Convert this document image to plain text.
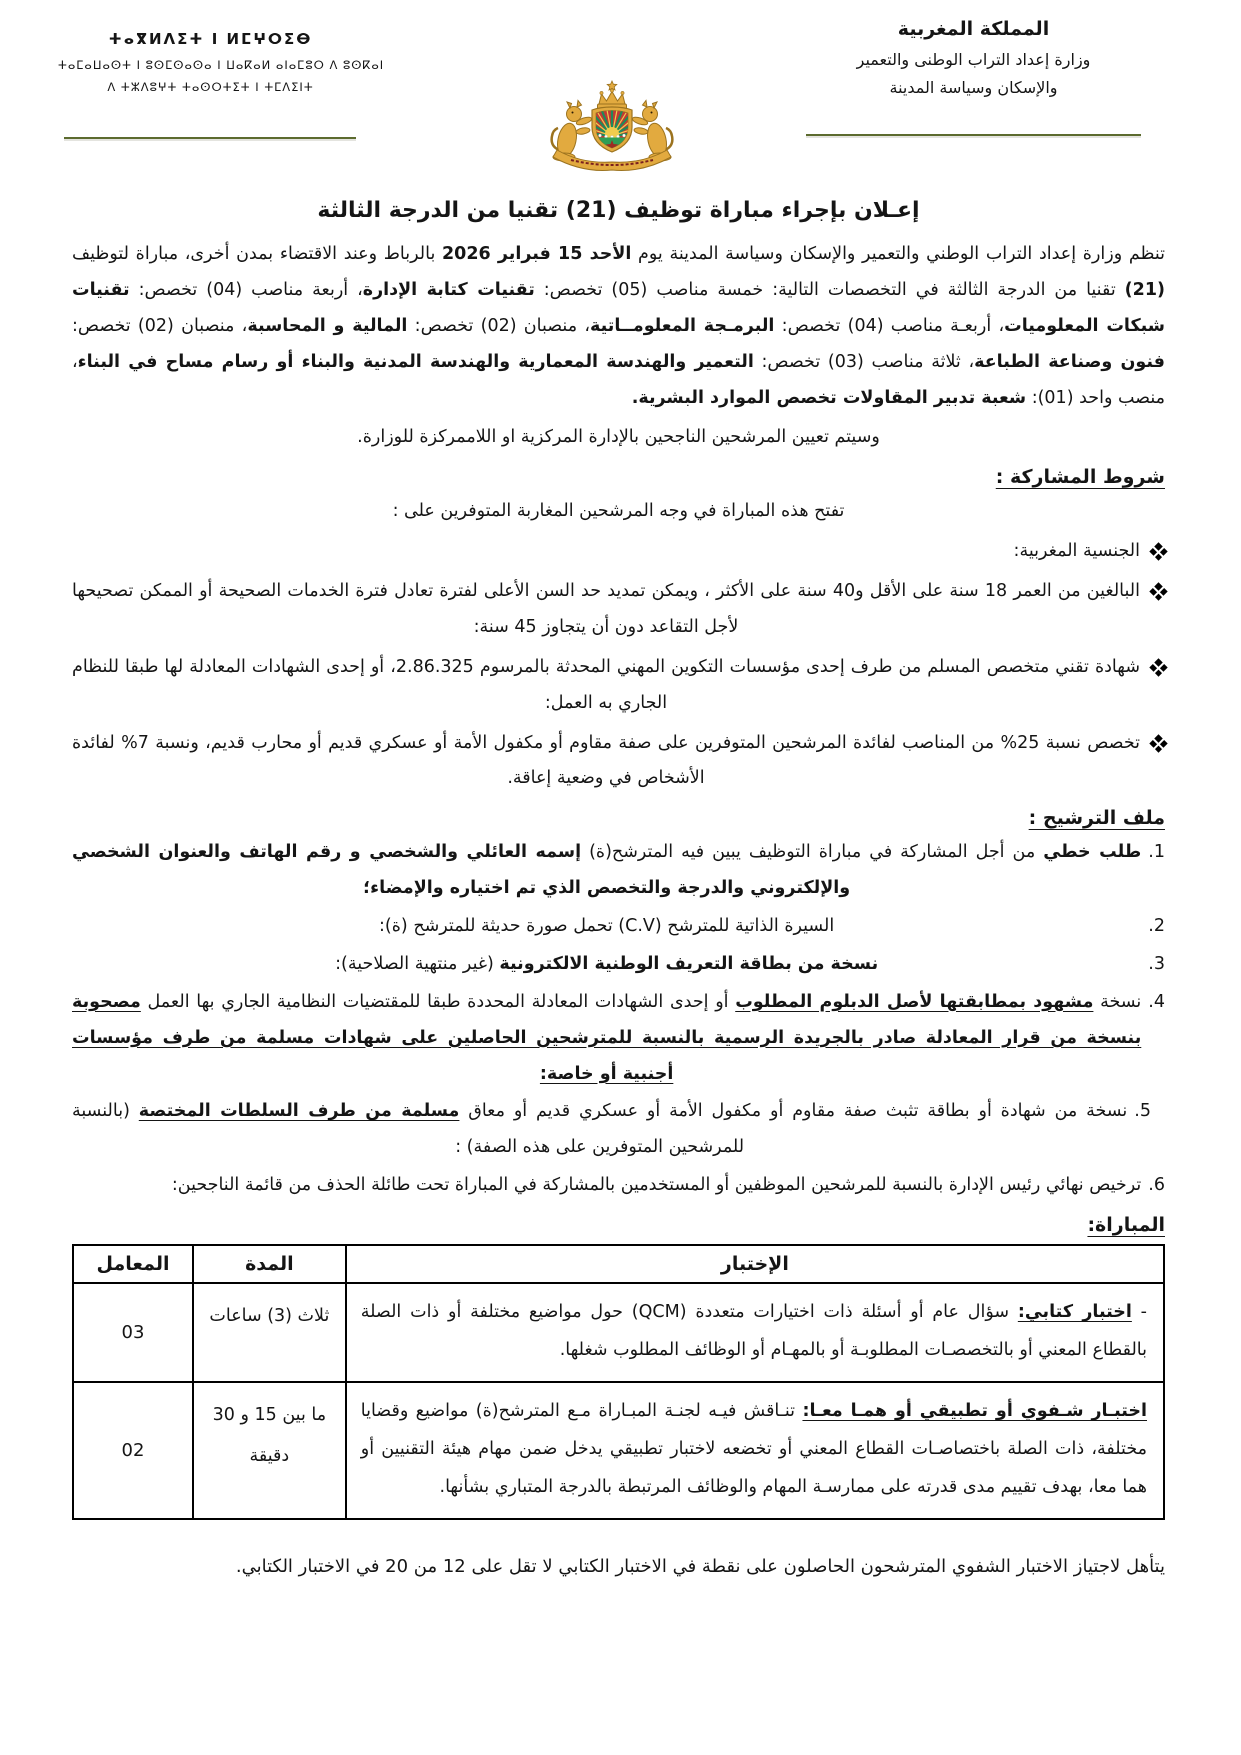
ⵜⴰⴳⵍⴷⵉⵜ ⵏ ⵍⵎⵖⵔⵉⴱ
ⵜⴰⵎⴰⵡⴰⵙⵜ ⵏ ⵓⵙⵎⵙⴰⵙⴰ ⵏ ⵡⴰⴽⴰⵍ ⴰⵏⴰⵎⵓⵔ ⴷ ⵓⵙⴽⴰⵏ
ⴷ ⵜⵣⴷⵓⵖⵜ ⵜⴰⵙⵔⵜⵉⵜ ⵏ ⵜⵎⴷⵉⵏⵜ
المملكة المغربية
وزارة إعداد التراب الوطنى والتعمير
والإسكان وسياسة المدينة
إعـلان بإجراء مباراة توظيف (21) تقنيا من الدرجة الثالثة

تنظم وزارة إعداد التراب الوطني والتعمير والإسكان وسياسة المدينة يوم الأحد 15 فبراير 2026 بالرباط وعند الاقتضاء بمدن أخرى، مباراة لتوظيف (21) تقنيا من الدرجة الثالثة في التخصصات التالية: خمسة مناصب (05) تخصص: تقنيات كتابة الإدارة، أربعة مناصب (04) تخصص: تقنيات شبكات المعلوميات، أربعـة مناصب (04) تخصص: البرمـجة المعلومــاتية، منصبان (02) تخصص: المالية و المحاسبة، منصبان (02) تخصص: فنون وصناعة الطباعة، ثلاثة مناصب (03) تخصص: التعمير والهندسة المعمارية والهندسة المدنية والبناء أو رسام مساح في البناء، منصب واحد (01): شعبة تدبير المقاولات تخصص الموارد البشرية.

وسيتم تعيين المرشحين الناجحين بالإدارة المركزية او اللاممركزة للوزارة.
شروط المشاركة :
تفتح هذه المباراة في وجه المرشحين المغاربة المتوفرين على :
الجنسية المغربية:
البالغين من العمر 18 سنة على الأقل و40 سنة على الأكثر ، ويمكن تمديد حد السن الأعلى لفترة تعادل فترة الخدمات الصحيحة أو الممكن تصحيحها لأجل التقاعد دون أن يتجاوز 45 سنة:
شهادة تقني متخصص المسلم من طرف إحدى مؤسسات التكوين المهني المحدثة بالمرسوم 2.86.325، أو إحدى الشهادات المعادلة لها طبقا للنظام الجاري به العمل:
تخصص نسبة 25% من المناصب لفائدة المرشحين المتوفرين على صفة مقاوم أو مكفول الأمة أو عسكري قديم أو محارب قديم، ونسبة 7% لفائدة الأشخاص في وضعية إعاقة.
ملف الترشيح :
1.
طلب خطي من أجل المشاركة في مباراة التوظيف يبين فيه المترشح(ة) إسمه العائلي والشخصي و رقم الهاتف والعنوان الشخصي والإلكتروني والدرجة والتخصص الذي تم اختياره والإمضاء؛
2.
السيرة الذاتية للمترشح (C.V) تحمل صورة حديثة للمترشح (ة):
3.
نسخة من بطاقة التعريف الوطنية الالكترونية (غير منتهية الصلاحية):
4.
نسخة مشهود بمطابقتها لأصل الدبلوم المطلوب أو إحدى الشهادات المعادلة المحددة طبقا للمقتضيات النظامية الجاري بها العمل مصحوبة بنسخة من قرار المعادلة صادر بالجريدة الرسمية بالنسبة للمترشحين الحاصلين على شهادات مسلمة من طرف مؤسسات أجنبية أو خاصة:
5.
نسخة من شهادة أو بطاقة تثبث صفة مقاوم أو مكفول الأمة أو عسكري قديم أو معاق مسلمة من طرف السلطات المختصة (بالنسبة للمرشحين المتوفرين على هذه الصفة) :
6.
ترخيص نهائي رئيس الإدارة بالنسبة للمرشحين الموظفين أو المستخدمين بالمشاركة في المباراة تحت طائلة الحذف من قائمة الناجحين:
المباراة:
الإختبار	المدة	المعامل
- اختبار كتابي: سؤال عام أو أسئلة ذات اختيارات متعددة (QCM) حول مواضيع مختلفة أو ذات الصلة بالقطاع المعني أو بالتخصصـات المطلوبـة أو بالمهـام أو الوظائف المطلوب شغلها.	ثلاث (3) ساعات	03
اختبـار شـفوي أو تطبيقي أو همـا معـا: تنـاقش فيـه لجنـة المبـاراة مـع المترشح(ة) مواضيع وقضايا مختلفة، ذات الصلة باختصاصـات القطاع المعني أو تخضعه لاختبار تطبيقي يدخل ضمن مهام هيئة التقنيين أو هما معا، بهدف تقييم مدى قدرته على ممارسـة المهام والوظائف المرتبطة بالدرجة المتباري بشأنها.	ما بين 15 و 30 دقيقة	02
يتأهل لاجتياز الاختبار الشفوي المترشحون الحاصلون على نقطة في الاختبار الكتابي لا تقل على 12 من 20 في الاختبار الكتابي.
